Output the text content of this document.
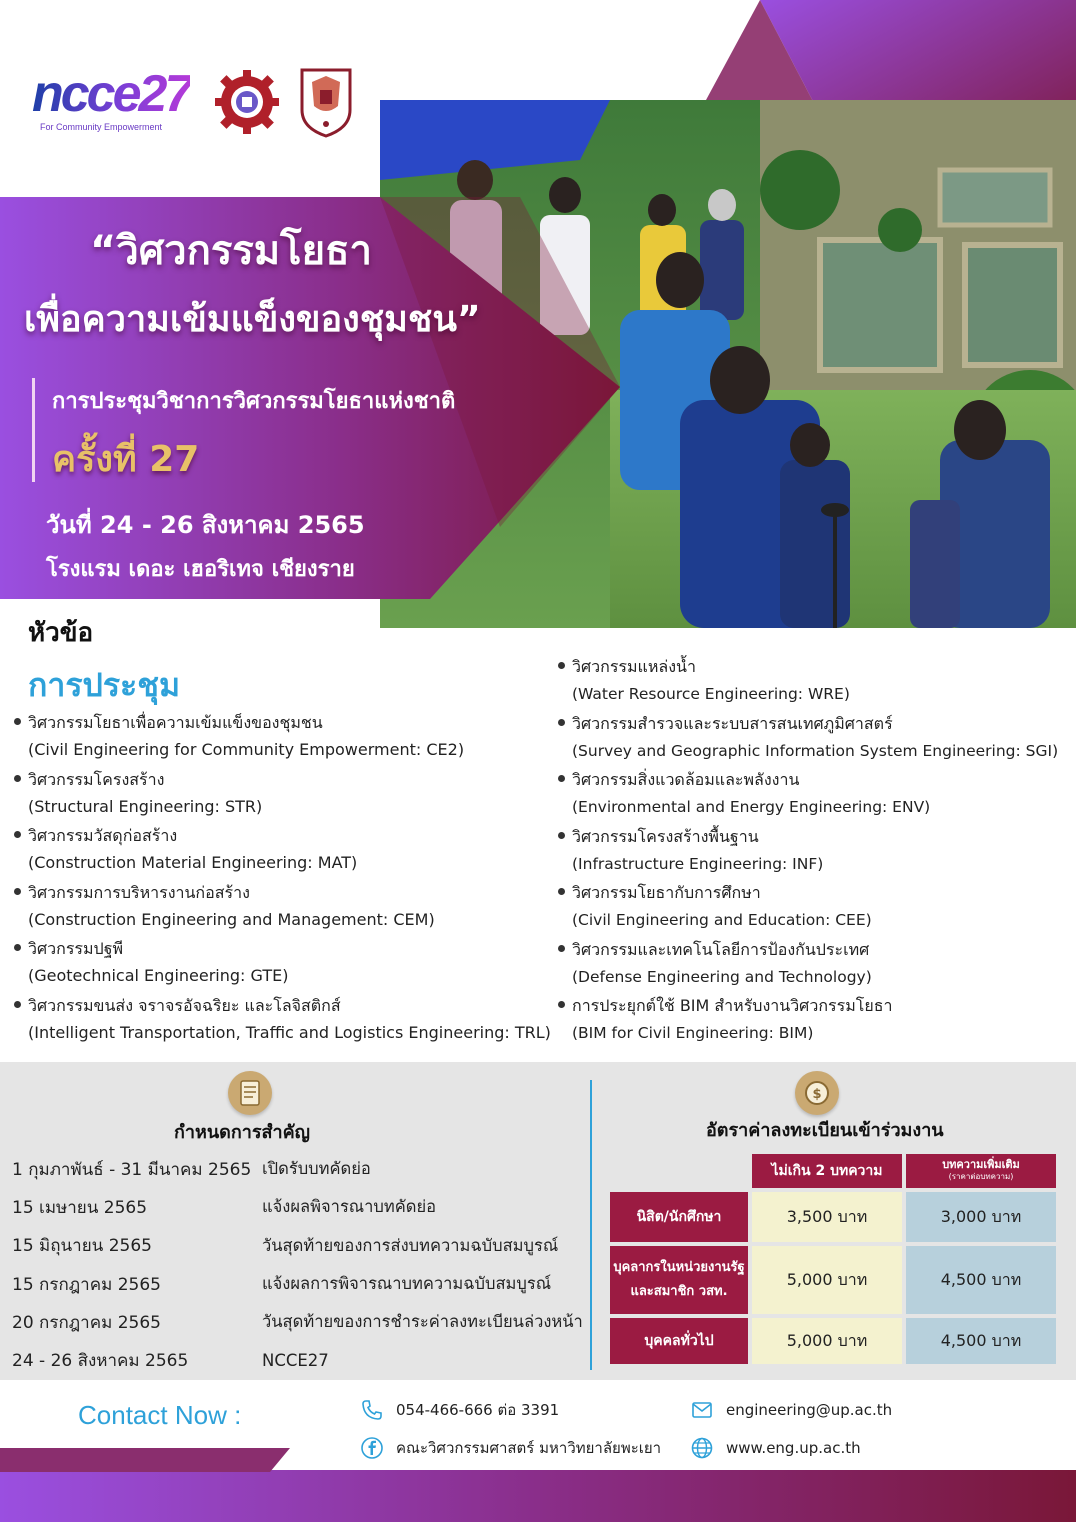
ncce27
For Community Empowerment
“วิศวกรรมโยธา
เพื่อความเข้มแข็งของชุมชน”
การประชุมวิชาการวิศวกรรมโยธาแห่งชาติ
ครั้งที่ 27
วันที่ 24 - 26 สิงหาคม 2565
โรงแรม เดอะ เฮอริเทจ เชียงราย
หัวข้อ
การประชุม
วิศวกรรมโยธาเพื่อความเข้มแข็งของชุมชน
(Civil Engineering for Community Empowerment: CE2)
วิศวกรรมโครงสร้าง
(Structural Engineering: STR)
วิศวกรรมวัสดุก่อสร้าง
(Construction Material Engineering: MAT)
วิศวกรรมการบริหารงานก่อสร้าง
(Construction Engineering and Management: CEM)
วิศวกรรมปฐพี
(Geotechnical Engineering: GTE)
วิศวกรรมขนส่ง จราจรอัจฉริยะ และโลจิสติกส์
(Intelligent Transportation, Traffic and Logistics Engineering: TRL)
วิศวกรรมแหล่งน้ำ
(Water Resource Engineering: WRE)
วิศวกรรมสำรวจและระบบสารสนเทศภูมิศาสตร์
(Survey and Geographic Information System Engineering: SGI)
วิศวกรรมสิ่งแวดล้อมและพลังงาน
(Environmental and Energy Engineering: ENV)
วิศวกรรมโครงสร้างพื้นฐาน
(Infrastructure Engineering: INF)
วิศวกรรมโยธากับการศึกษา
(Civil Engineering and Education: CEE)
วิศวกรรมและเทคโนโลยีการป้องกันประเทศ
(Defense Engineering and Technology)
การประยุกต์ใช้ BIM สำหรับงานวิศวกรรมโยธา
(BIM for Civil Engineering: BIM)
กำหนดการสำคัญ
1 กุมภาพันธ์ - 31 มีนาคม 2565 เปิดรับบทคัดย่อ
15 เมษายน 2565	แจ้งผลพิจารณาบทคัดย่อ
15 มิถุนายน 2565	วันสุดท้ายของการส่งบทความฉบับสมบูรณ์
15 กรกฎาคม 2565	แจ้งผลการพิจารณาบทความฉบับสมบูรณ์
20 กรกฎาคม 2565	วันสุดท้ายของการชำระค่าลงทะเบียนล่วงหน้า
24 - 26 สิงหาคม 2565	NCCE27
$
อัตราค่าลงทะเบียนเข้าร่วมงาน
	ไม่เกิน 2 บทความ	บทความเพิ่มเติม
(ราคาต่อบทความ)

นิสิต/นักศึกษา	3,500 บาท	3,000 บาท

บุคลากรในหน่วยงานรัฐ
และสมาชิก วสท.	5,000 บาท	4,500 บาท
บุคคลทั่วไป	5,000 บาท	4,500 บาท
Contact Now :	054-466-666 ต่อ 3391
คณะวิศวกรรมศาสตร์ มหาวิทยาลัยพะเยา
engineering@up.ac.th
www.eng.up.ac.th
